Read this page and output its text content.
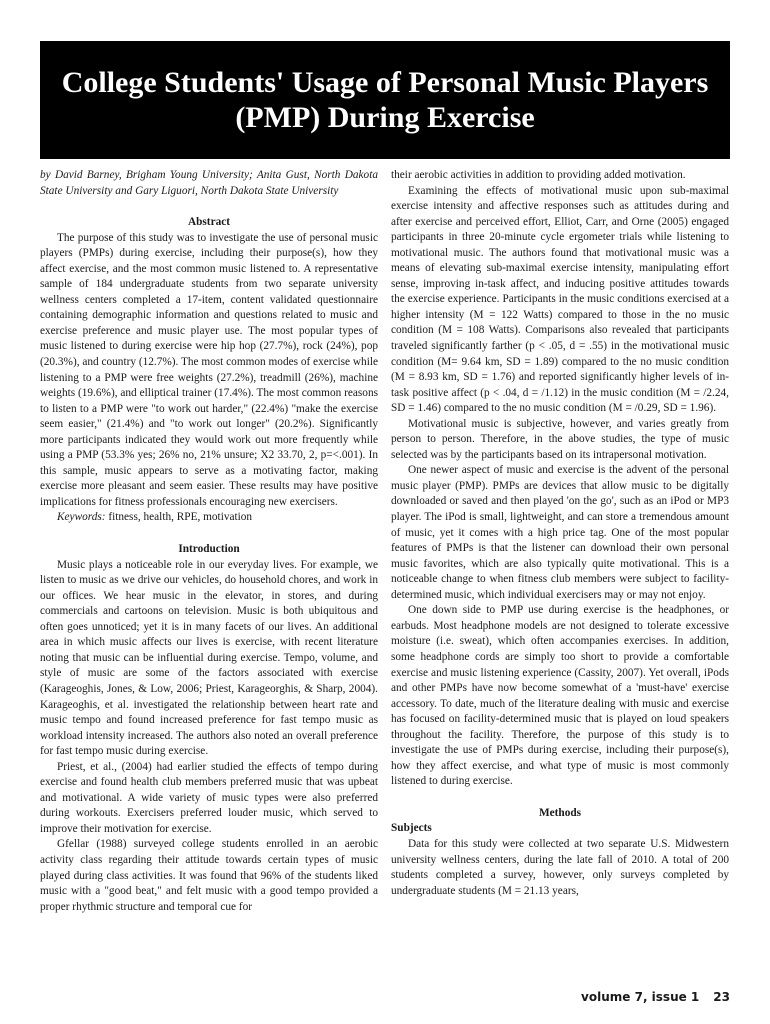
College Students' Usage of Personal Music Players (PMP) During Exercise

by David Barney, Brigham Young University; Anita Gust, North Dakota State University and Gary Liguori, North Dakota State University

Abstract

The purpose of this study was to investigate the use of personal music players (PMPs) during exercise, including their purpose(s), how they affect exercise, and the most common music listened to. A representative sample of 184 undergraduate students from two separate university wellness centers completed a 17-item, content validated questionnaire containing demographic information and questions related to music and exercise preference and music player use. The most popular types of music listened to during exercise were hip hop (27.7%), rock (24%), pop (20.3%), and country (12.7%). The most common modes of exercise while listening to a PMP were free weights (27.2%), treadmill (26%), machine weights (19.6%), and elliptical trainer (17.4%). The most common reasons to listen to a PMP were "to work out harder," (22.4%) "make the exercise seem easier," (21.4%) and "to work out longer" (20.2%). Significantly more participants indicated they would work out more frequently while using a PMP (53.3% yes; 26% no, 21% unsure; X2 33.70, 2, p=<.001). In this sample, music appears to serve as a motivating factor, making exercise more pleasant and seem easier. These results may have positive implications for fitness professionals encouraging new exercisers.

Keywords: fitness, health, RPE, motivation

Introduction

Music plays a noticeable role in our everyday lives. For example, we listen to music as we drive our vehicles, do household chores, and work in our offices. We hear music in the elevator, in stores, and during commercials and cartoons on television. Music is both ubiquitous and often goes unnoticed; yet it is in many facets of our lives. An additional area in which music affects our lives is exercise, with recent literature noting that music can be influential during exercise. Tempo, volume, and style of music are some of the factors associated with exercise (Karageoghis, Jones, & Low, 2006; Priest, Karageorghis, & Sharp, 2004). Karageoghis, et al. investigated the relationship between heart rate and music tempo and found increased preference for fast tempo music as workload intensity increased. The authors also noted an overall preference for fast tempo music during exercise.

Priest, et al., (2004) had earlier studied the effects of tempo during exercise and found health club members preferred music that was upbeat and motivational. A wide variety of music types were also preferred during workouts. Exercisers preferred louder music, which served to improve their motivation for exercise.

Gfellar (1988) surveyed college students enrolled in an aerobic activity class regarding their attitude towards certain types of music played during class activities. It was found that 96% of the students liked music with a "good beat," and felt music with a good tempo provided a proper rhythmic structure and temporal cue for

their aerobic activities in addition to providing added motivation.

Examining the effects of motivational music upon sub-maximal exercise intensity and affective responses such as attitudes during and after exercise and perceived effort, Elliot, Carr, and Orne (2005) engaged participants in three 20-minute cycle ergometer trials while listening to motivational music. The authors found that motivational music was a means of elevating sub-maximal exercise intensity, manipulating effort sense, improving in-task affect, and inducing positive attitudes towards the exercise experience. Participants in the music conditions exercised at a higher intensity (M = 122 Watts) compared to those in the no music condition (M = 108 Watts). Comparisons also revealed that participants traveled significantly farther (p < .05, d = .55) in the motivational music condition (M= 9.64 km, SD = 1.89) compared to the no music condition (M = 8.93 km, SD = 1.76) and reported significantly higher levels of in-task positive affect (p < .04, d = /1.12) in the music condition (M = /2.24, SD = 1.46) compared to the no music condition (M = /0.29, SD = 1.96).

Motivational music is subjective, however, and varies greatly from person to person. Therefore, in the above studies, the type of music selected was by the participants based on its intrapersonal motivation.

One newer aspect of music and exercise is the advent of the personal music player (PMP). PMPs are devices that allow music to be digitally downloaded or saved and then played 'on the go', such as an iPod or MP3 player. The iPod is small, lightweight, and can store a tremendous amount of music, yet it comes with a high price tag. One of the most popular features of PMPs is that the listener can download their own personal music favorites, which are also typically quite motivational. This is a noticeable change to when fitness club members were subject to facility-determined music, which individual exercisers may or may not enjoy.

One down side to PMP use during exercise is the headphones, or earbuds. Most headphone models are not designed to tolerate excessive moisture (i.e. sweat), which often accompanies exercises. In addition, some headphone cords are simply too short to provide a comfortable exercise and music listening experience (Cassity, 2007). Yet overall, iPods and other PMPs have now become somewhat of a 'must-have' exercise accessory. To date, much of the literature dealing with music and exercise has focused on facility-determined music that is played on loud speakers throughout the facility. Therefore, the purpose of this study is to investigate the use of PMPs during exercise, including their purpose(s), how they affect exercise, and what type of music is most commonly listened to during exercise.

Methods

Subjects

Data for this study were collected at two separate U.S. Midwestern university wellness centers, during the late fall of 2010. A total of 200 students completed a survey, however, only surveys completed by undergraduate students (M = 21.13 years,

volume 7, issue 1 23
